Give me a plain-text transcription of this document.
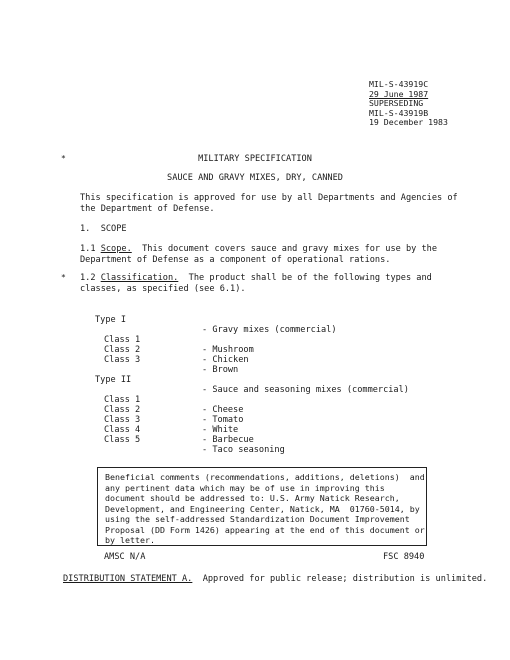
MIL-S-43919C
29 June 1987
SUPERSEDING
MIL-S-43919B
19 December 1983
*
*
MILITARY SPECIFICATION
SAUCE AND GRAVY MIXES, DRY, CANNED
This specification is approved for use by all Departments and Agencies of
the Department of Defense.
1.  SCOPE
1.1 Scope.  This document covers sauce and gravy mixes for use by the
Department of Defense as a component of operational rations.
1.2 Classification.  The product shall be of the following types and
classes, as specified (see 6.1).

Type I

- Gravy mixes (commercial)

Class 1

- Mushroom

Class 2

- Chicken

Class 3

- Brown

Type II

- Sauce and seasoning mixes (commercial)

Class 1

- Cheese

Class 2

- Tomato

Class 3

- White

Class 4

- Barbecue

Class 5

- Taco seasoning

Beneficial comments (recommendations, additions, deletions)  and
any pertinent data which may be of use in improving this
document should be addressed to: U.S. Army Natick Research,
Development, and Engineering Center, Natick, MA  01760-5014, by
using the self-addressed Standardization Document Improvement
Proposal (DD Form 1426) appearing at the end of this document or
by letter.
AMSC N/A	FSC 8940
DISTRIBUTION STATEMENT A.  Approved for public release; distribution is unlimited.
